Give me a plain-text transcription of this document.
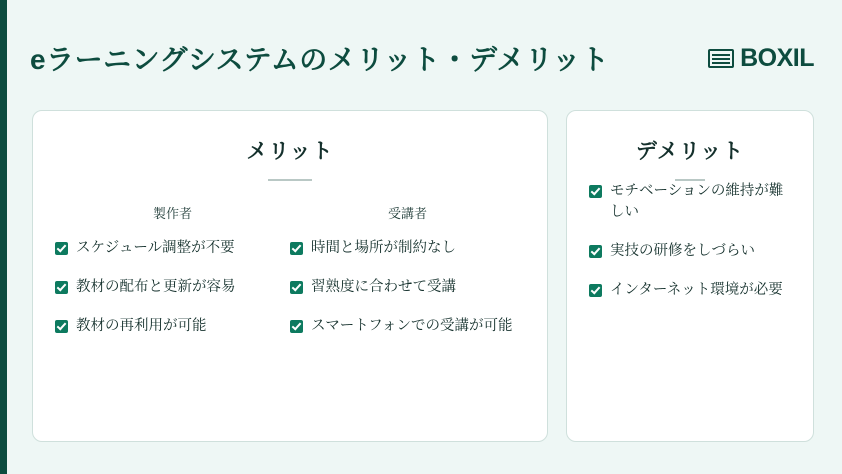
eラーニングシステムのメリット・デメリット	BOXIL
メリット
製作者
スケジュール調整が不要
教材の配布と更新が容易
教材の再利用が可能
受講者
時間と場所が制約なし
習熟度に合わせて受講
スマートフォンでの受講が可能
デメリット
モチベーションの維持が難しい
実技の研修をしづらい
インターネット環境が必要
